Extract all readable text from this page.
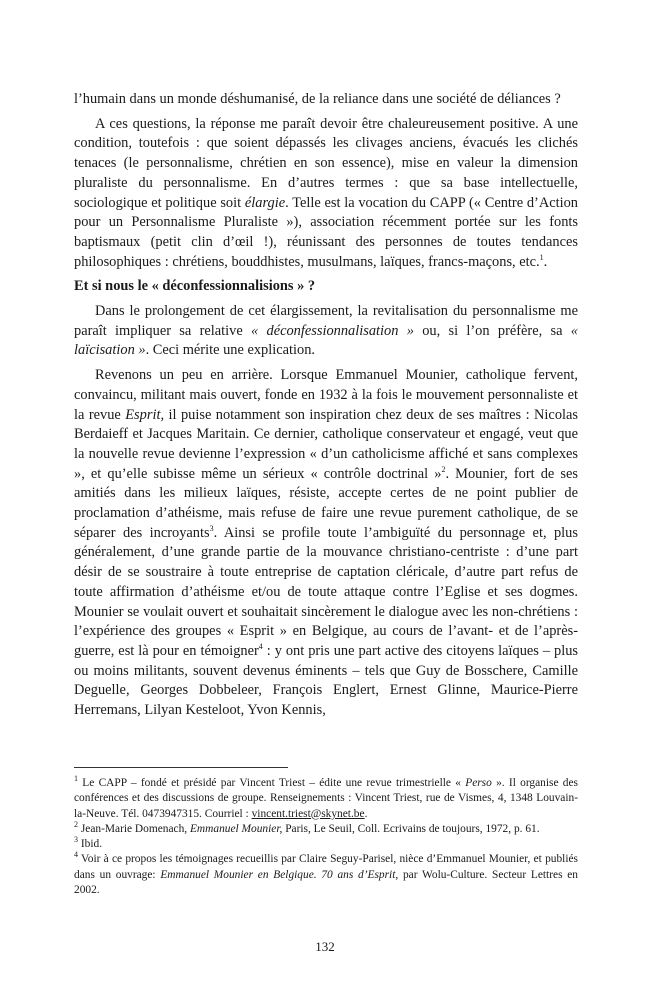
l’humain dans un monde déshumanisé, de la reliance dans une société de déliances ?

A ces questions, la réponse me paraît devoir être chaleureusement positive. A une condition, toutefois : que soient dépassés les clivages anciens, évacués les clichés tenaces (le personnalisme, chrétien en son essence), mise en valeur la dimension pluraliste du personnalisme. En d’autres termes : que sa base intellectuelle, sociologique et politique soit élargie. Telle est la vocation du CAPP (« Centre d’Action pour un Personnalisme Pluraliste »), association récemment portée sur les fonts baptismaux (petit clin d’œil !), réunissant des personnes de toutes tendances philosophiques : chrétiens, bouddhistes, musulmans, laïques, francs-maçons, etc.$^1$.

Et si nous le « déconfessionnalisions » ?

Dans le prolongement de cet élargissement, la revitalisation du personnalisme me paraît impliquer sa relative « déconfessionnalisation » ou, si l’on préfère, sa « laïcisation ». Ceci mérite une explication.

Revenons un peu en arrière. Lorsque Emmanuel Mounier, catholique fervent, convaincu, militant mais ouvert, fonde en 1932 à la fois le mouvement personnaliste et la revue Esprit, il puise notamment son inspiration chez deux de ses maîtres : Nicolas Berdaieff et Jacques Maritain. Ce dernier, catholique conservateur et engagé, veut que la nouvelle revue devienne l’expression « d’un catholicisme affiché et sans complexes », et qu’elle subisse même un sérieux « contrôle doctrinal »$^2$. Mounier, fort de ses amitiés dans les milieux laïques, résiste, accepte certes de ne point publier de proclamation d’athéisme, mais refuse de faire une revue purement catholique, de se séparer des incroyants$^3$. Ainsi se profile toute l’ambiguïté du personnage et, plus généralement, d’une grande partie de la mouvance christiano-centriste : d’une part désir de se soustraire à toute entreprise de captation cléricale, d’autre part refus de toute affirmation d’athéisme et/ou de toute attaque contre l’Eglise et ses dogmes. Mounier se voulait ouvert et souhaitait sincèrement le dialogue avec les non-chrétiens : l’expérience des groupes « Esprit » en Belgique, au cours de l’avant- et de l’après-guerre, est là pour en témoigner$^4$ : y ont pris une part active des citoyens laïques – plus ou moins militants, souvent devenus éminents – tels que Guy de Bosschere, Camille Deguelle, Georges Dobbeleer, François Englert, Ernest Glinne, Maurice-Pierre Herremans, Lilyan Kesteloot, Yvon Kennis,

$^1$ Le CAPP – fondé et présidé par Vincent Triest – édite une revue trimestrielle « Perso ». Il organise des conférences et des discussions de groupe. Renseignements : Vincent Triest, rue de Vismes, 4, 1348 Louvain-la-Neuve. Tél. 0473947315. Courriel : vincent.triest@skynet.be.

$^2$ Jean-Marie Domenach, Emmanuel Mounier, Paris, Le Seuil, Coll. Ecrivains de toujours, 1972, p. 61.

$^3$ Ibid.

$^4$ Voir à ce propos les témoignages recueillis par Claire Seguy-Parisel, nièce d’Emmanuel Mounier, et publiés dans un ouvrage: Emmanuel Mounier en Belgique. 70 ans d’Esprit, par Wolu-Culture. Secteur Lettres en 2002.

132
